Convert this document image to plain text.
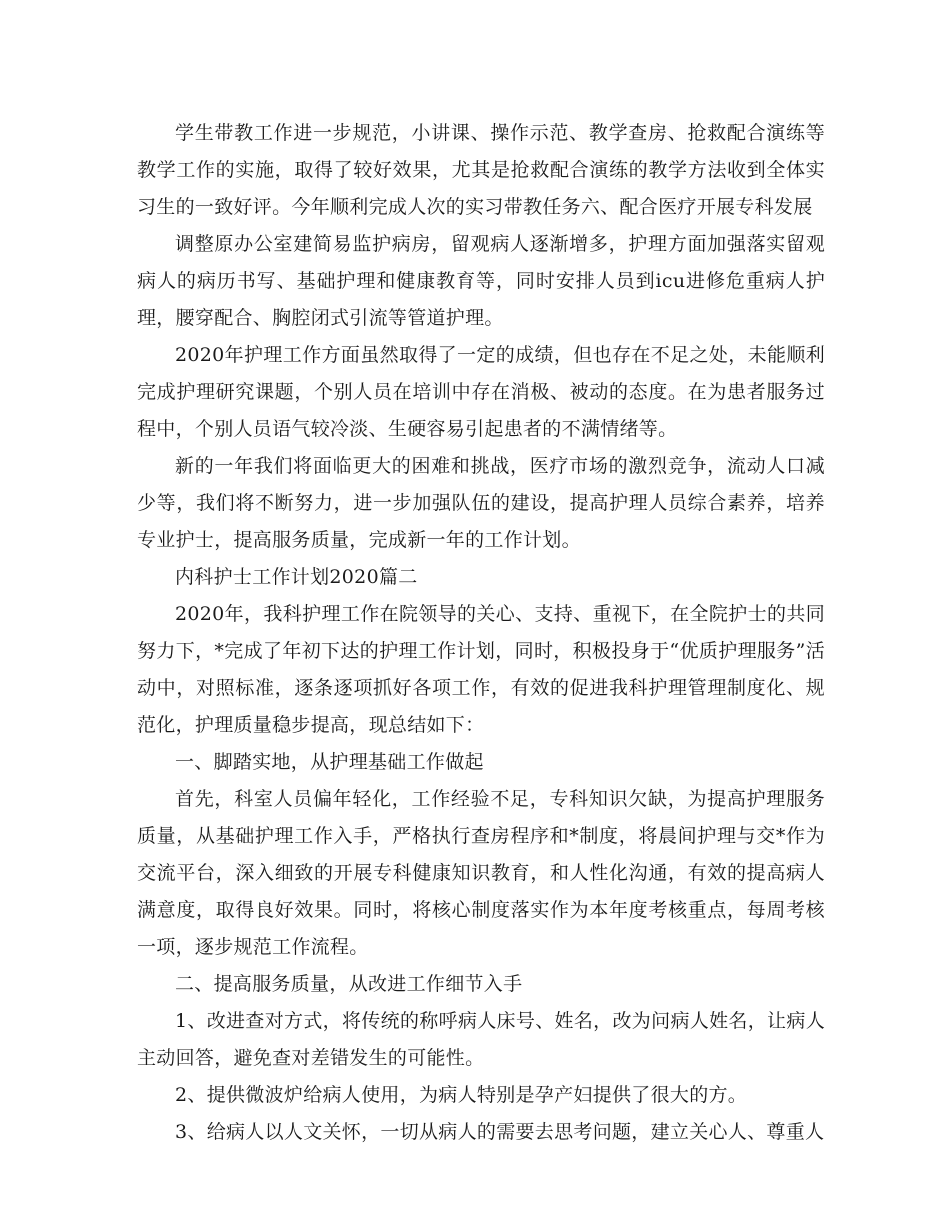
学生带教工作进一步规范，小讲课、操作示范、教学查房、抢救配合演练等教学工作的实施，取得了较好效果，尤其是抢救配合演练的教学方法收到全体实习生的一致好评。今年顺利完成人次的实习带教任务六、配合医疗开展专科发展

调整原办公室建简易监护病房，留观病人逐渐增多，护理方面加强落实留观病人的病历书写、基础护理和健康教育等，同时安排人员到icu进修危重病人护理，腰穿配合、胸腔闭式引流等管道护理。

2020年护理工作方面虽然取得了一定的成绩，但也存在不足之处，未能顺利完成护理研究课题，个别人员在培训中存在消极、被动的态度。在为患者服务过程中，个别人员语气较冷淡、生硬容易引起患者的不满情绪等。

新的一年我们将面临更大的困难和挑战，医疗市场的激烈竞争，流动人口减少等，我们将不断努力，进一步加强队伍的建设，提高护理人员综合素养，培养专业护士，提高服务质量，完成新一年的工作计划。

内科护士工作计划2020篇二

2020年，我科护理工作在院领导的关心、支持、重视下，在全院护士的共同努力下，*完成了年初下达的护理工作计划，同时，积极投身于“优质护理服务”活动中，对照标准，逐条逐项抓好各项工作，有效的促进我科护理管理制度化、规范化，护理质量稳步提高，现总结如下：

一、脚踏实地，从护理基础工作做起

首先，科室人员偏年轻化，工作经验不足，专科知识欠缺，为提高护理服务质量，从基础护理工作入手，严格执行查房程序和*制度，将晨间护理与交*作为交流平台，深入细致的开展专科健康知识教育，和人性化沟通，有效的提高病人满意度，取得良好效果。同时，将核心制度落实作为本年度考核重点，每周考核一项，逐步规范工作流程。

二、提高服务质量，从改进工作细节入手

1、改进查对方式，将传统的称呼病人床号、姓名，改为问病人姓名，让病人主动回答，避免查对差错发生的可能性。

2、提供微波炉给病人使用，为病人特别是孕产妇提供了很大的方。

3、给病人以人文关怀，一切从病人的需要去思考问题，建立关心人、尊重人
